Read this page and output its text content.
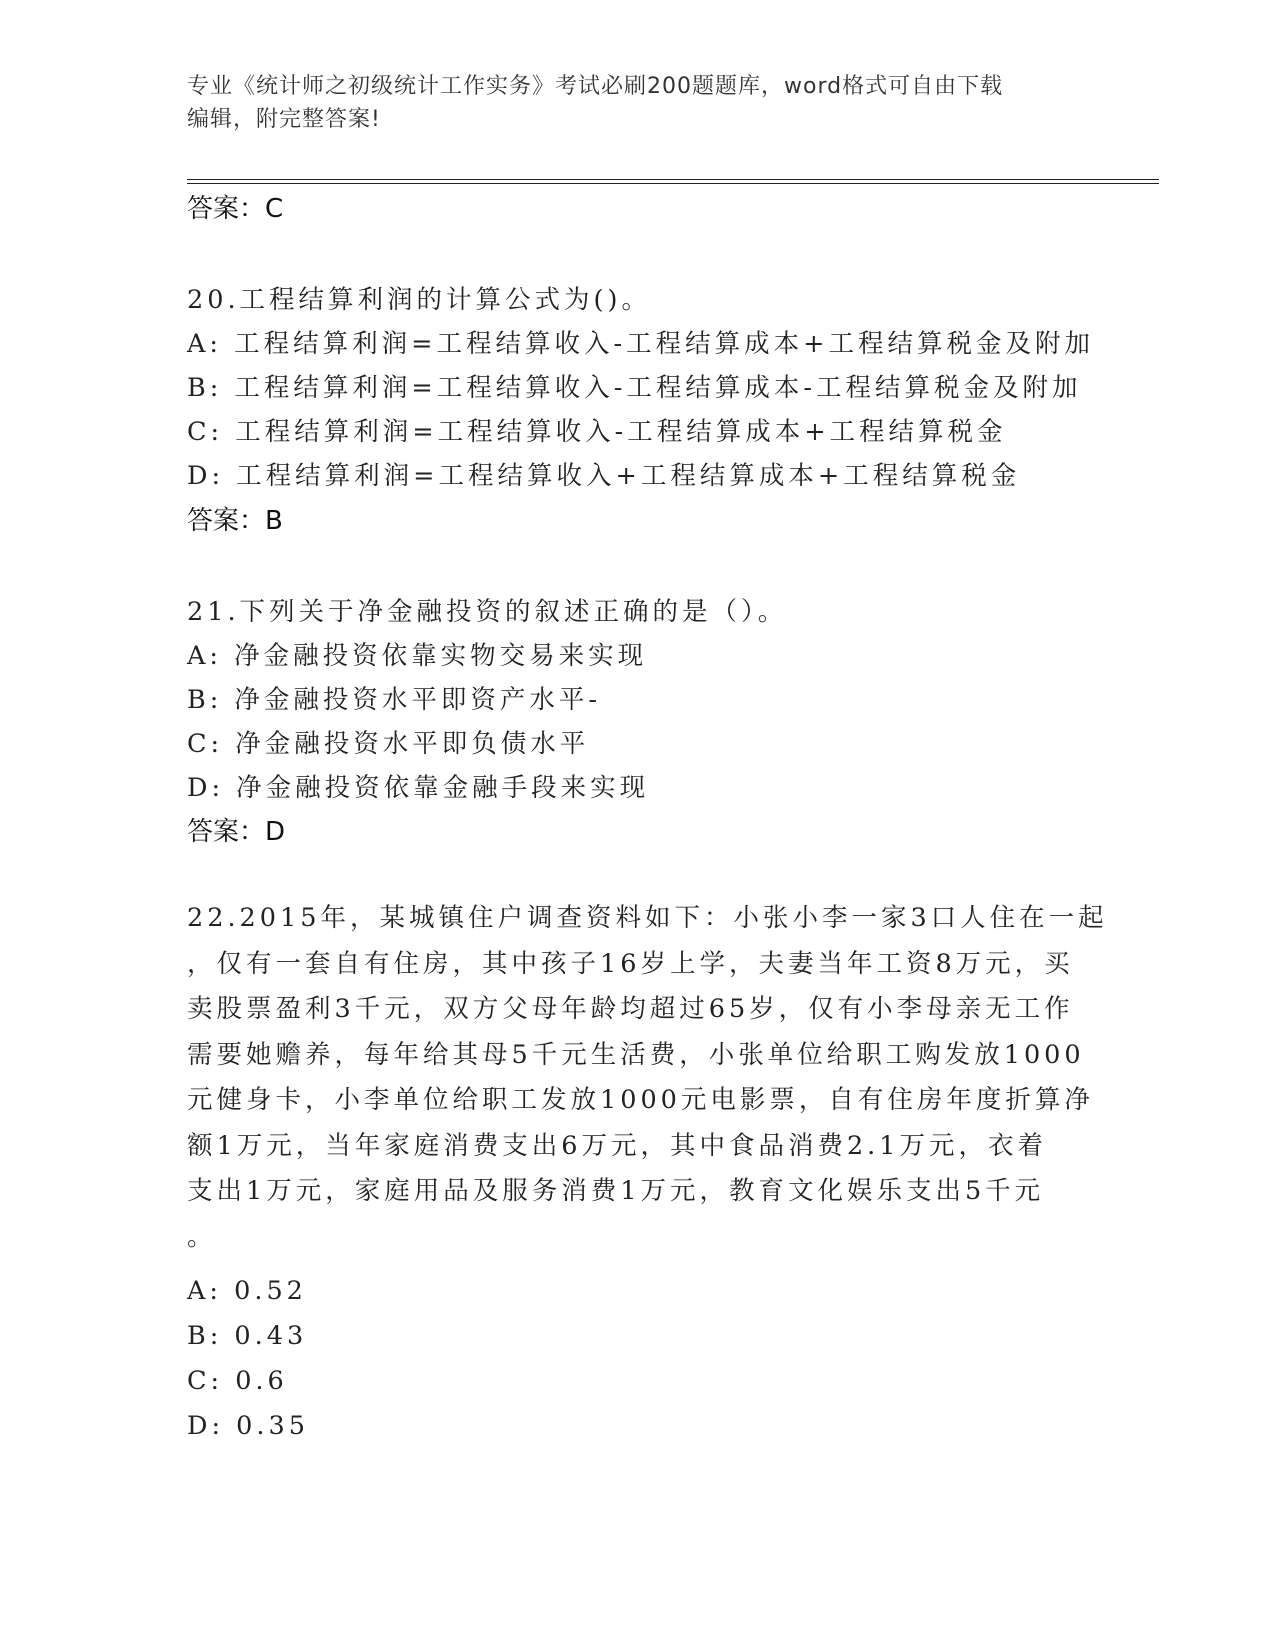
专业《统计师之初级统计工作实务》考试必刷200题题库，word格式可自由下载
编辑，附完整答案!
答案：C
20.工程结算利润的计算公式为()。
A: 工程结算利润=工程结算收入-工程结算成本+工程结算税金及附加
B: 工程结算利润=工程结算收入-工程结算成本-工程结算税金及附加
C: 工程结算利润=工程结算收入-工程结算成本+工程结算税金
D: 工程结算利润=工程结算收入+工程结算成本+工程结算税金
答案：B
21.下列关于净金融投资的叙述正确的是（）。
A: 净金融投资依靠实物交易来实现
B: 净金融投资水平即资产水平-
C: 净金融投资水平即负债水平
D: 净金融投资依靠金融手段来实现
答案：D
22.2015年，某城镇住户调查资料如下：小张小李一家3口人住在一起
，仅有一套自有住房，其中孩子16岁上学，夫妻当年工资8万元，买
卖股票盈利3千元，双方父母年龄均超过65岁，仅有小李母亲无工作
需要她赡养，每年给其母5千元生活费，小张单位给职工购发放1000
元健身卡，小李单位给职工发放1000元电影票，自有住房年度折算净
额1万元，当年家庭消费支出6万元，其中食品消费2.1万元，衣着
支出1万元，家庭用品及服务消费1万元，教育文化娱乐支出5千元
。
A: 0.52
B: 0.43
C: 0.6
D: 0.35
